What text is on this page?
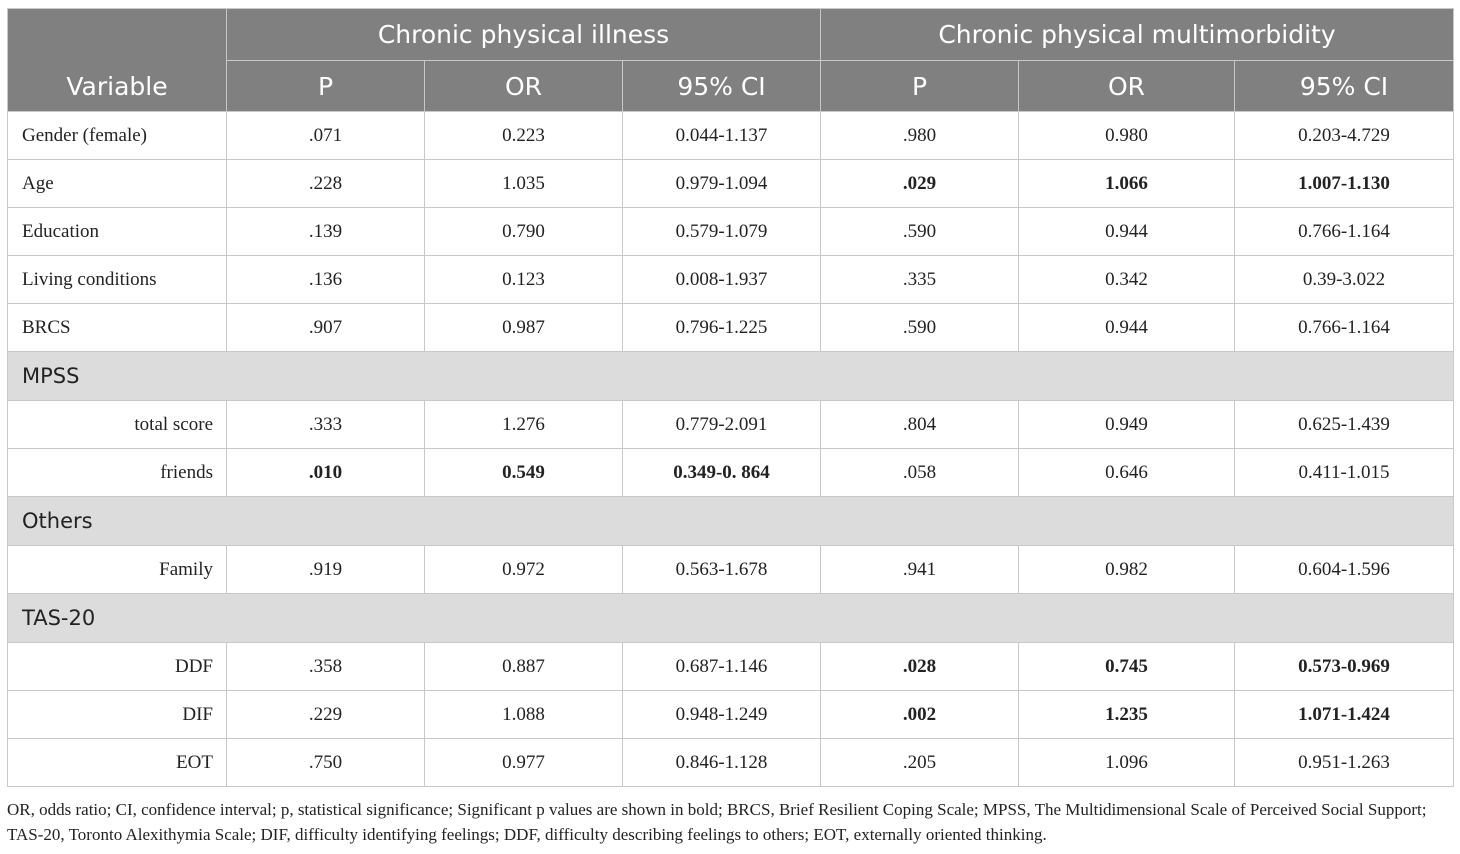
Variable	Chronic physical illness			Chronic physical multimorbidity		
	P	OR	95% CI	P	OR	95% CI
Gender (female)	.071	0.223	0.044-1.137	.980	0.980	0.203-4.729
Age	.228	1.035	0.979-1.094	.029	1.066	1.007-1.130
Education	.139	0.790	0.579-1.079	.590	0.944	0.766-1.164
Living conditions	.136	0.123	0.008-1.937	.335	0.342	0.39-3.022
BRCS	.907	0.987	0.796-1.225	.590	0.944	0.766-1.164
MPSS						
total score	.333	1.276	0.779-2.091	.804	0.949	0.625-1.439
friends	.010	0.549	0.349-0. 864	.058	0.646	0.411-1.015
Others						
Family	.919	0.972	0.563-1.678	.941	0.982	0.604-1.596
TAS-20						
DDF	.358	0.887	0.687-1.146	.028	0.745	0.573-0.969
DIF	.229	1.088	0.948-1.249	.002	1.235	1.071-1.424
EOT	.750	0.977	0.846-1.128	.205	1.096	0.951-1.263
OR, odds ratio; CI, confidence interval; p, statistical significance; Significant p values are shown in bold; BRCS, Brief Resilient Coping Scale; MPSS, The Multidimensional Scale of Perceived Social Support; TAS-20, Toronto Alexithymia Scale; DIF, difficulty identifying feelings; DDF, difficulty describing feelings to others; EOT, externally oriented thinking.
